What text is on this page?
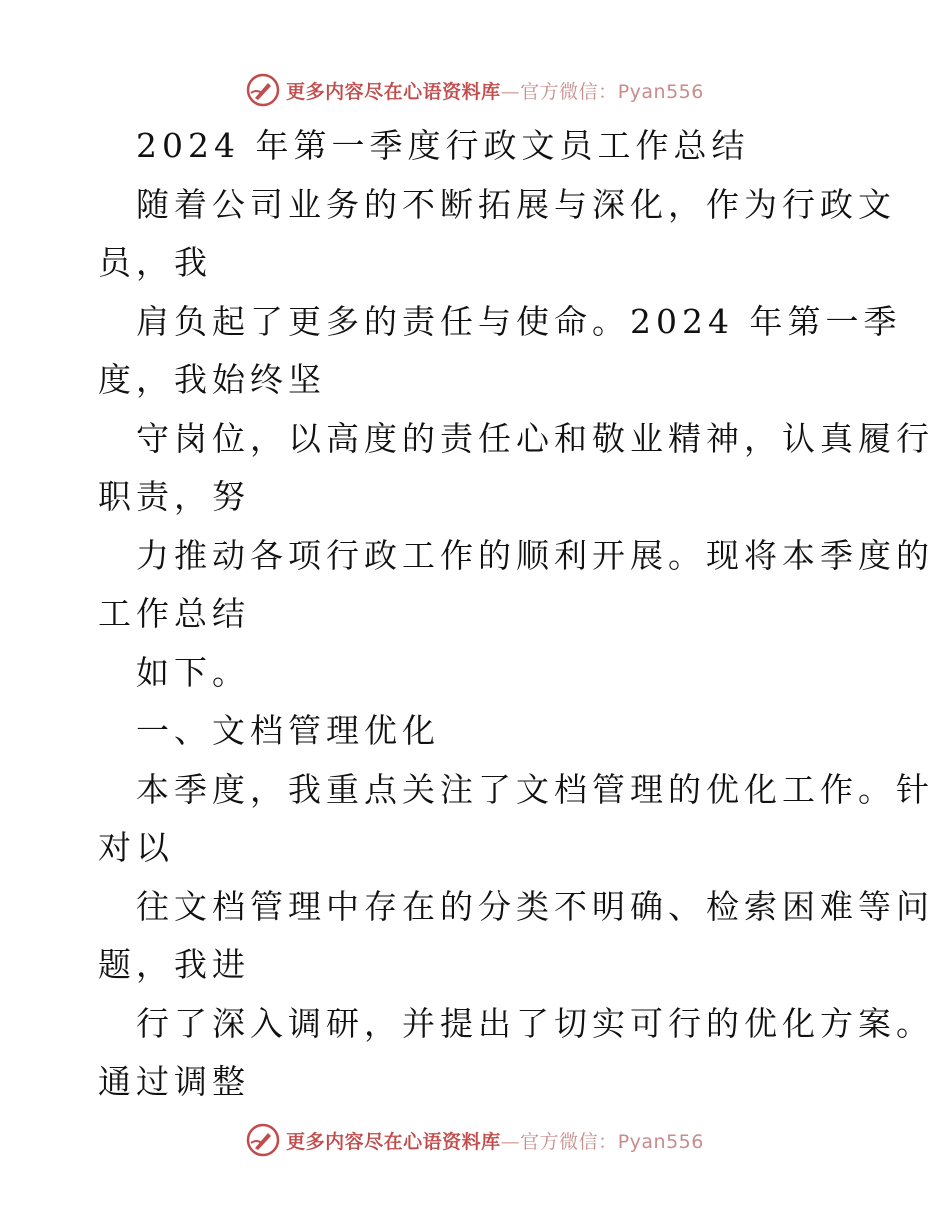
更多内容尽在心语资料库—官方微信：Pyan556
2024 年第一季度行政文员工作总结
随着公司业务的不断拓展与深化，作为行政文
员，我
肩负起了更多的责任与使命。2024 年第一季
度，我始终坚
守岗位，以高度的责任心和敬业精神，认真履行
职责，努
力推动各项行政工作的顺利开展。现将本季度的
工作总结
如下。
一、文档管理优化
本季度，我重点关注了文档管理的优化工作。针
对以
往文档管理中存在的分类不明确、检索困难等问
题，我进
行了深入调研，并提出了切实可行的优化方案。
通过调整
更多内容尽在心语资料库—官方微信：Pyan556
